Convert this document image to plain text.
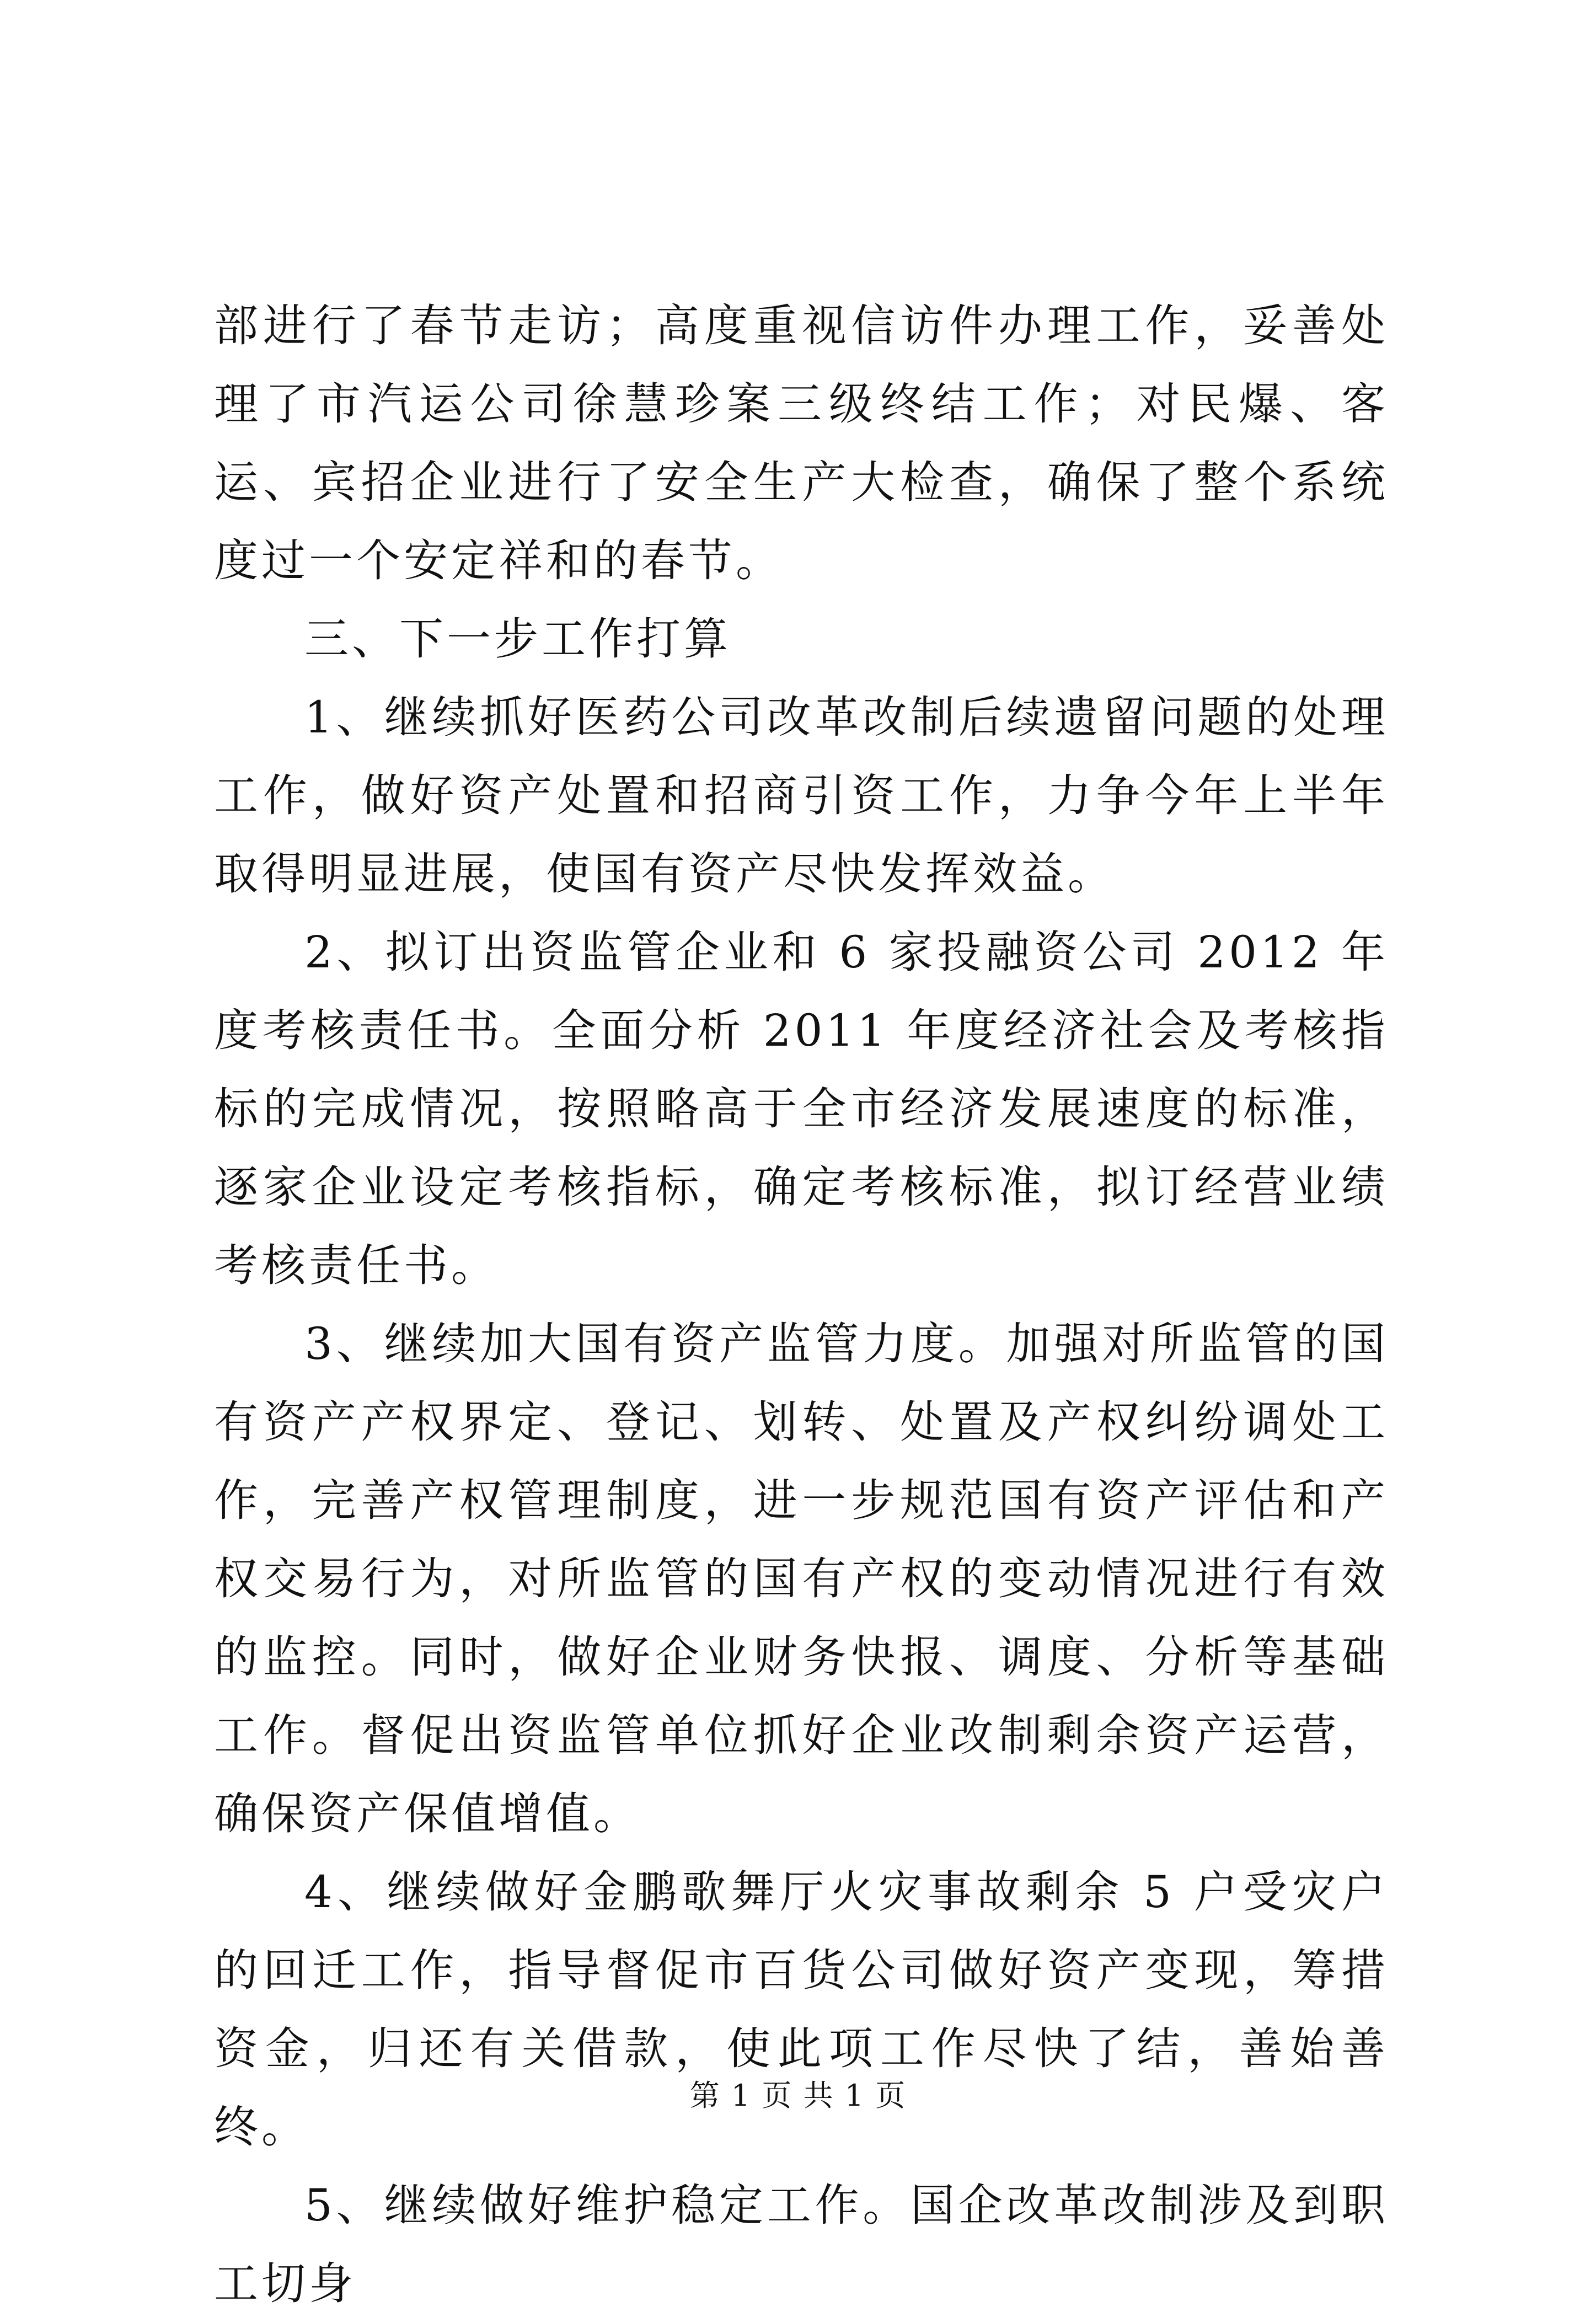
部进行了春节走访；高度重视信访件办理工作，妥善处理了市汽运公司徐慧珍案三级终结工作；对民爆、客运、宾招企业进行了安全生产大检查，确保了整个系统度过一个安定祥和的春节。

三、下一步工作打算

1、继续抓好医药公司改革改制后续遗留问题的处理工作，做好资产处置和招商引资工作，力争今年上半年取得明显进展，使国有资产尽快发挥效益。

2、拟订出资监管企业和 6 家投融资公司 2012 年度考核责任书。全面分析 2011 年度经济社会及考核指标的完成情况，按照略高于全市经济发展速度的标准，逐家企业设定考核指标，确定考核标准，拟订经营业绩考核责任书。

3、继续加大国有资产监管力度。加强对所监管的国有资产产权界定、登记、划转、处置及产权纠纷调处工作，完善产权管理制度，进一步规范国有资产评估和产权交易行为，对所监管的国有产权的变动情况进行有效的监控。同时，做好企业财务快报、调度、分析等基础工作。督促出资监管单位抓好企业改制剩余资产运营，确保资产保值增值。

4、继续做好金鹏歌舞厅火灾事故剩余 5 户受灾户的回迁工作，指导督促市百货公司做好资产变现，筹措资金，归还有关借款，使此项工作尽快了结，善始善终。

5、继续做好维护稳定工作。国企改革改制涉及到职工切身

第 1 页 共 1 页
